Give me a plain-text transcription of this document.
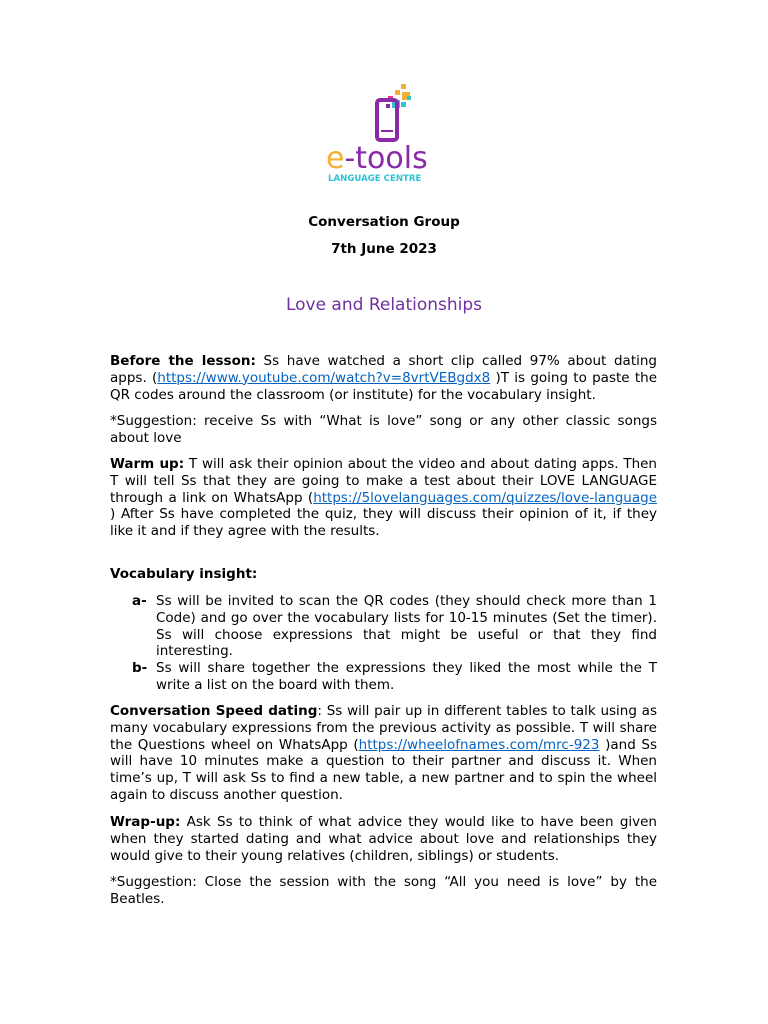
e-tools
LANGUAGE CENTRE
Conversation Group
7th June 2023
Love and Relationships

Before the lesson: Ss have watched a short clip called 97% about dating apps. (https://www.youtube.com/watch?v=8vrtVEBgdx8 )T is going to paste the QR codes around the classroom (or institute) for the vocabulary insight.

*Suggestion: receive Ss with “What is love” song or any other classic songs about love

Warm up: T will ask their opinion about the video and about dating apps. Then T will tell Ss that they are going to make a test about their LOVE LANGUAGE through a link on WhatsApp (https://5lovelanguages.com/quizzes/love-language ) After Ss have completed the quiz, they will discuss their opinion of it, if they like it and if they agree with the results.

Vocabulary insight:

a- Ss will be invited to scan the QR codes (they should check more than 1 Code) and go over the vocabulary lists for 10-15 minutes (Set the timer). Ss will choose expressions that might be useful or that they find interesting.
b- Ss will share together the expressions they liked the most while the T write a list on the board with them.

Conversation Speed dating: Ss will pair up in different tables to talk using as many vocabulary expressions from the previous activity as possible. T will share the Questions wheel on WhatsApp (https://wheelofnames.com/mrc-923 )and Ss will have 10 minutes make a question to their partner and discuss it. When time’s up, T will ask Ss to find a new table, a new partner and to spin the wheel again to discuss another question.

Wrap-up: Ask Ss to think of what advice they would like to have been given when they started dating and what advice about love and relationships they would give to their young relatives (children, siblings) or students.

*Suggestion: Close the session with the song “All you need is love” by the Beatles.
